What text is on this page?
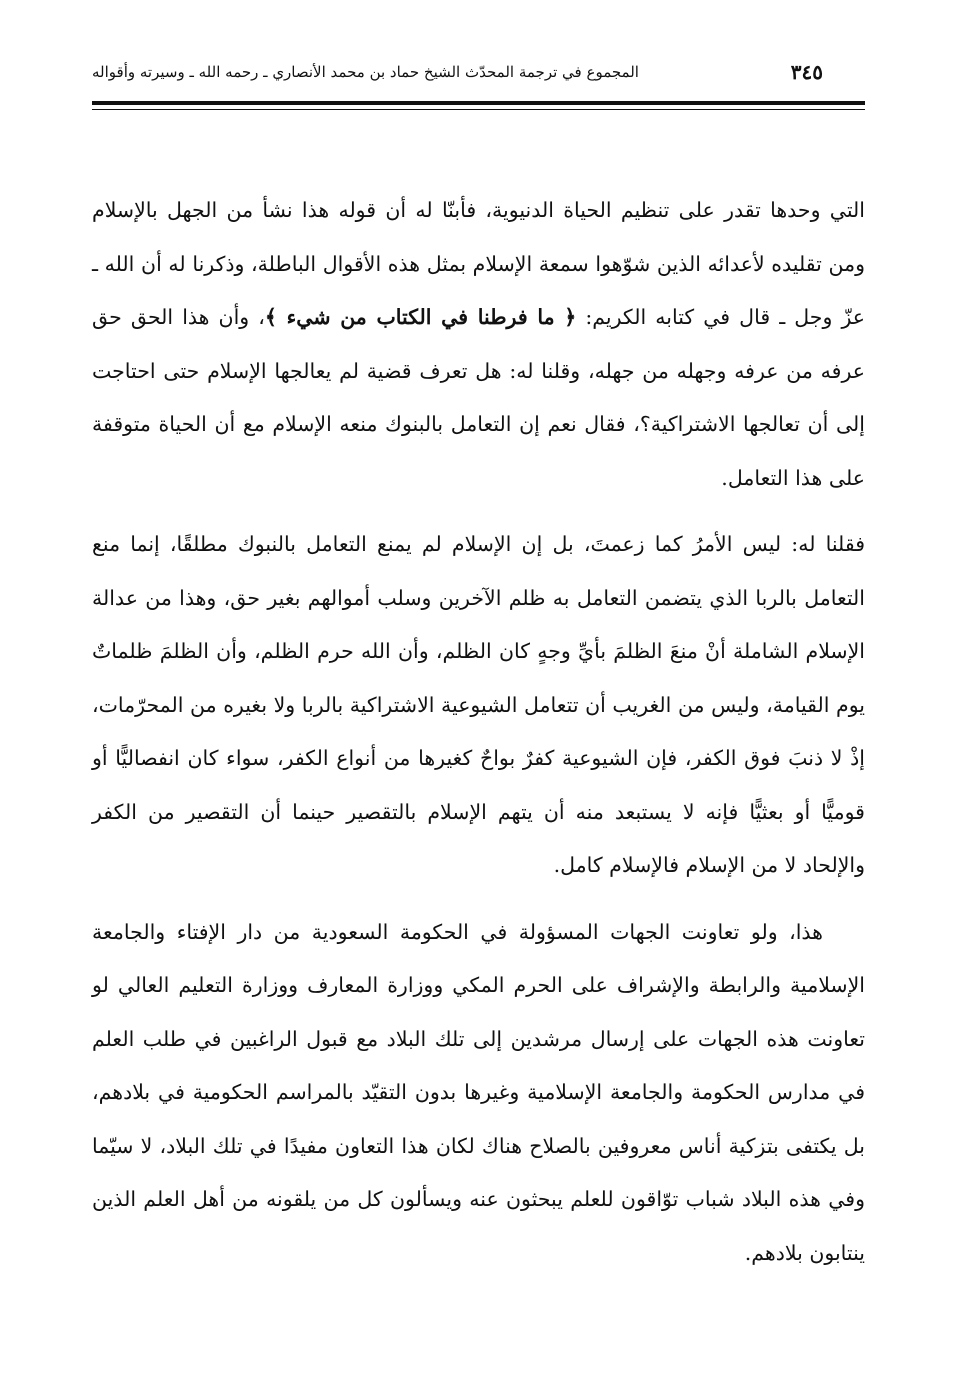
٣٤٥
المجموع في ترجمة المحدّث الشيخ حماد بن محمد الأنصاري ـ رحمه الله ـ وسيرته وأقواله

التي وحدها تقدر على تنظيم الحياة الدنيوية، فأبنّا له أن قوله هذا نشأ من الجهل بالإسلام ومن تقليده لأعدائه الذين شوّهوا سمعة الإسلام بمثل هذه الأقوال الباطلة، وذكرنا له أن الله ـ عزّ وجل ـ قال في كتابه الكريم: ﴿ ما فرطنا في الكتاب من شيء ﴾، وأن هذا الحق حق عرفه من عرفه وجهله من جهله، وقلنا له: هل تعرف قضية لم يعالجها الإسلام حتى احتاجت إلى أن تعالجها الاشتراكية؟، فقال نعم إن التعامل بالبنوك منعه الإسلام مع أن الحياة متوقفة على هذا التعامل.

فقلنا له: ليس الأمرُ كما زعمتَ، بل إن الإسلام لم يمنع التعامل بالنبوك مطلقًا، إنما منع التعامل بالربا الذي يتضمن التعامل به ظلم الآخرين وسلب أموالهم بغير حق، وهذا من عدالة الإسلام الشاملة أنْ منعَ الظلمَ بأيِّ وجهٍ كان الظلم، وأن الله حرم الظلم، وأن الظلمَ ظلماتٌ يوم القيامة، وليس من الغريب أن تتعامل الشيوعية الاشتراكية بالربا ولا بغيره من المحرّمات، إذْ لا ذنبَ فوق الكفر، فإن الشيوعية كفرٌ بواحٌ كغيرها من أنواع الكفر، سواء كان انفصاليًّا أو قوميًّا أو بعثيًّا فإنه لا يستبعد منه أن يتهم الإسلام بالتقصير حينما أن التقصير من الكفر والإلحاد لا من الإسلام فالإسلام كامل.

هذا، ولو تعاونت الجهات المسؤولة في الحكومة السعودية من دار الإفتاء والجامعة الإسلامية والرابطة والإشراف على الحرم المكي ووزارة المعارف ووزارة التعليم العالي لو تعاونت هذه الجهات على إرسال مرشدين إلى تلك البلاد مع قبول الراغبين في طلب العلم في مدارس الحكومة والجامعة الإسلامية وغيرها بدون التقيّد بالمراسم الحكومية في بلادهم، بل يكتفى بتزكية أناس معروفين بالصلاح هناك لكان هذا التعاون مفيدًا في تلك البلاد، لا سيّما وفي هذه البلاد شباب توّاقون للعلم يبحثون عنه ويسألون كل من يلقونه من أهل العلم الذين ينتابون بلادهم.
